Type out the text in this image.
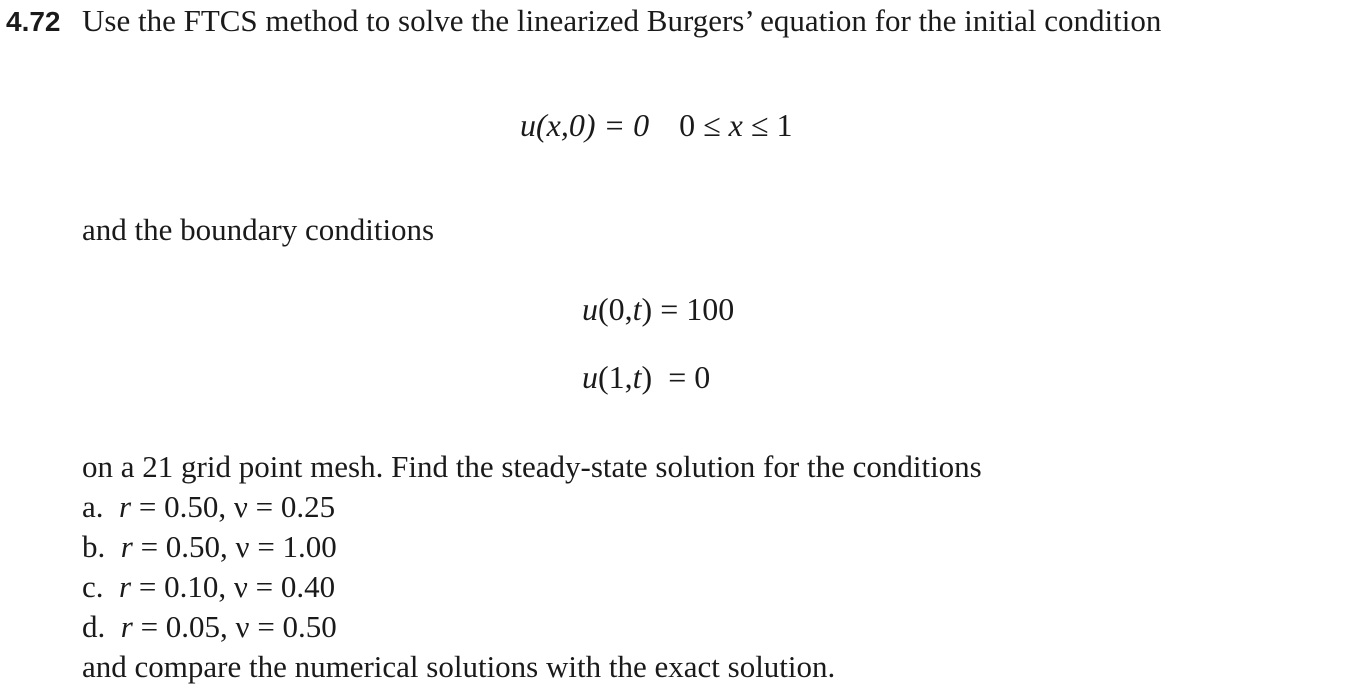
4.72 Use the FTCS method to solve the linearized Burgers’ equation for the initial condition
u(x,0) = 0 0 ≤ x ≤ 1
and the boundary conditions
u(0,t) = 100
u(1,t)  = 0
on a 21 grid point mesh. Find the steady-state solution for the conditions
a. r = 0.50, ν = 0.25
b. r = 0.50, ν = 1.00
c. r = 0.10, ν = 0.40
d. r = 0.05, ν = 0.50
and compare the numerical solutions with the exact solution.
